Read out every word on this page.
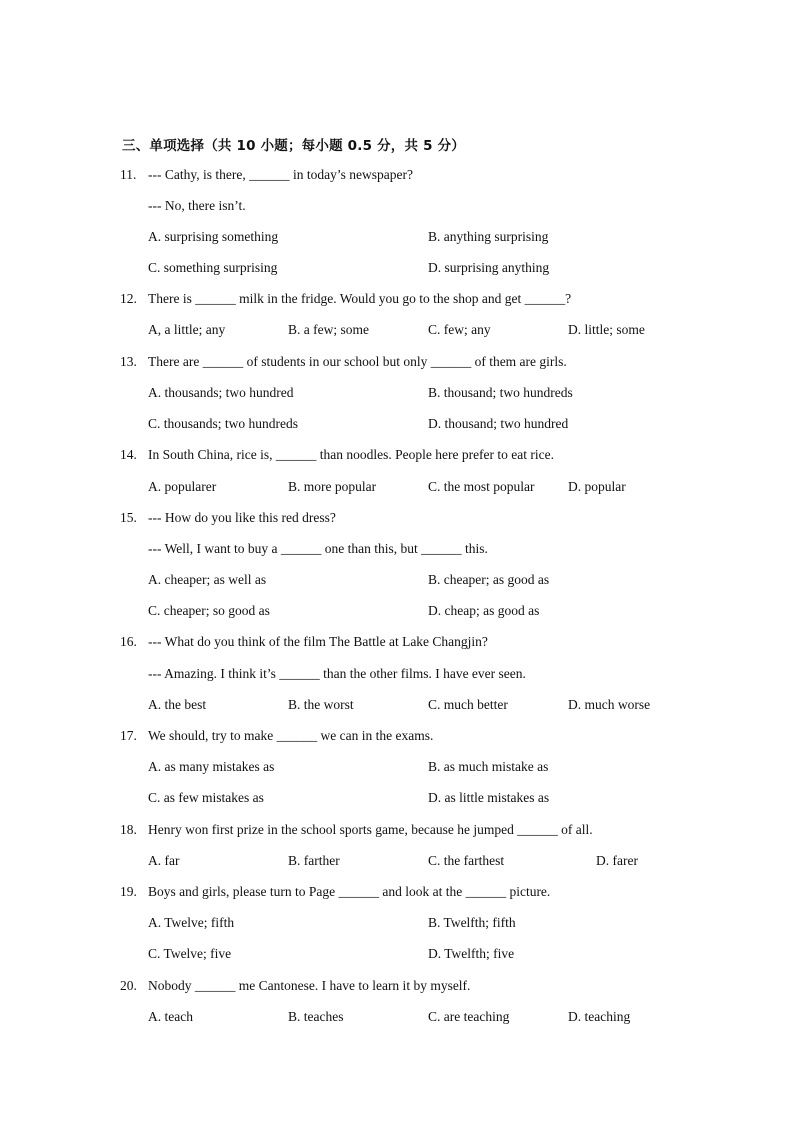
三、单项选择（共 10 小题；每小题 0.5 分，共 5 分）
11. --- Cathy, is there, ______ in today’s newspaper?
--- No, there isn’t.
A. surprising something	B. anything surprising
C. something surprising	D. surprising anything
12. There is ______ milk in the fridge. Would you go to the shop and get ______?
A, a little; any	B. a few; some	C. few; any	D. little; some
13. There are ______ of students in our school but only ______ of them are girls.
A. thousands; two hundred	B. thousand; two hundreds
C. thousands; two hundreds	D. thousand; two hundred
14. In South China, rice is, ______ than noodles. People here prefer to eat rice.
A. popularer	B. more popular	C. the most popular D. popular
15. --- How do you like this red dress?
--- Well, I want to buy a ______ one than this, but ______ this.
A. cheaper; as well as	B. cheaper; as good as
C. cheaper; so good as	D. cheap; as good as
16. --- What do you think of the film The Battle at Lake Changjin?
--- Amazing. I think it’s ______ than the other films. I have ever seen.
A. the best	B. the worst	C. much better	D. much worse
17. We should, try to make ______ we can in the exams.
A. as many mistakes as	B. as much mistake as
C. as few mistakes as	D. as little mistakes as
18. Henry won first prize in the school sports game, because he jumped ______ of all.
A. far	B. farther	C. the farthest	D. farer
19. Boys and girls, please turn to Page ______ and look at the ______ picture.
A. Twelve; fifth	B. Twelfth; fifth
C. Twelve; five	D. Twelfth; five
20. Nobody ______ me Cantonese. I have to learn it by myself.
A. teach	B. teaches	C. are teaching	D. teaching
